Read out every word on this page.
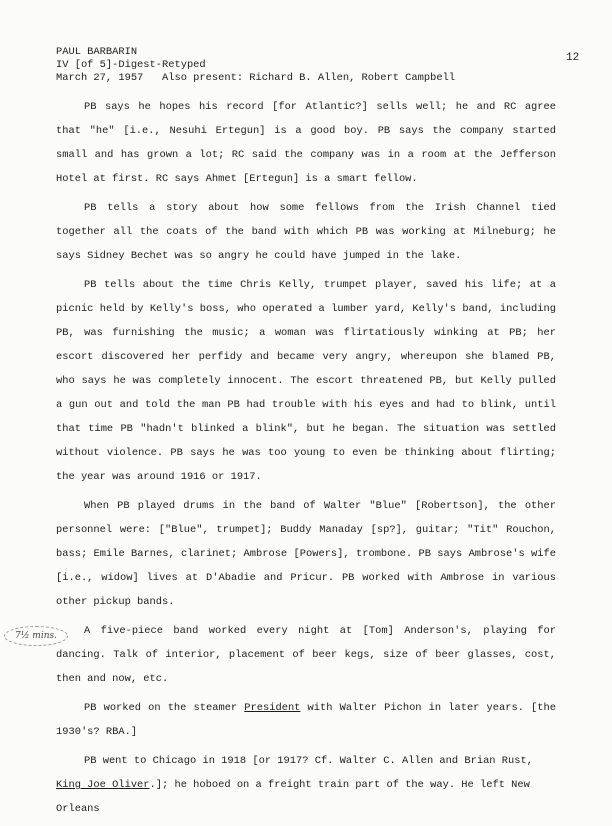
PAUL BARBARIN
IV [of 5]-Digest-Retyped
March 27, 1957   Also present: Richard B. Allen, Robert Campbell
12
7½ mins.

PB says he hopes his record [for Atlantic?] sells well; he and RC agree that "he" [i.e., Nesuhi Ertegun] is a good boy. PB says the company started small and has grown a lot; RC said the company was in a room at the Jefferson Hotel at first. RC says Ahmet [Ertegun] is a smart fellow.

PB tells a story about how some fellows from the Irish Channel tied together all the coats of the band with which PB was working at Milneburg; he says Sidney Bechet was so angry he could have jumped in the lake.

PB tells about the time Chris Kelly, trumpet player, saved his life; at a picnic held by Kelly's boss, who operated a lumber yard, Kelly's band, including PB, was furnishing the music; a woman was flirtatiously winking at PB; her escort discovered her perfidy and became very angry, whereupon she blamed PB, who says he was completely innocent. The escort threatened PB, but Kelly pulled a gun out and told the man PB had trouble with his eyes and had to blink, until that time PB "hadn't blinked a blink", but he began. The situation was settled without violence. PB says he was too young to even be thinking about flirting; the year was around 1916 or 1917.

When PB played drums in the band of Walter "Blue" [Robertson], the other personnel were: ["Blue", trumpet]; Buddy Manaday [sp?], guitar; "Tit" Rouchon, bass; Emile Barnes, clarinet; Ambrose [Powers], trombone. PB says Ambrose's wife [i.e., widow] lives at D'Abadie and Pricur. PB worked with Ambrose in various other pickup bands.

A five-piece band worked every night at [Tom] Anderson's, playing for dancing. Talk of interior, placement of beer kegs, size of beer glasses, cost, then and now, etc.

PB worked on the steamer President with Walter Pichon in later years. [the 1930's? RBA.]

PB went to Chicago in 1918 [or 1917? Cf. Walter C. Allen and Brian Rust, King Joe Oliver.]; he hoboed on a freight train part of the way. He left New Orleans
